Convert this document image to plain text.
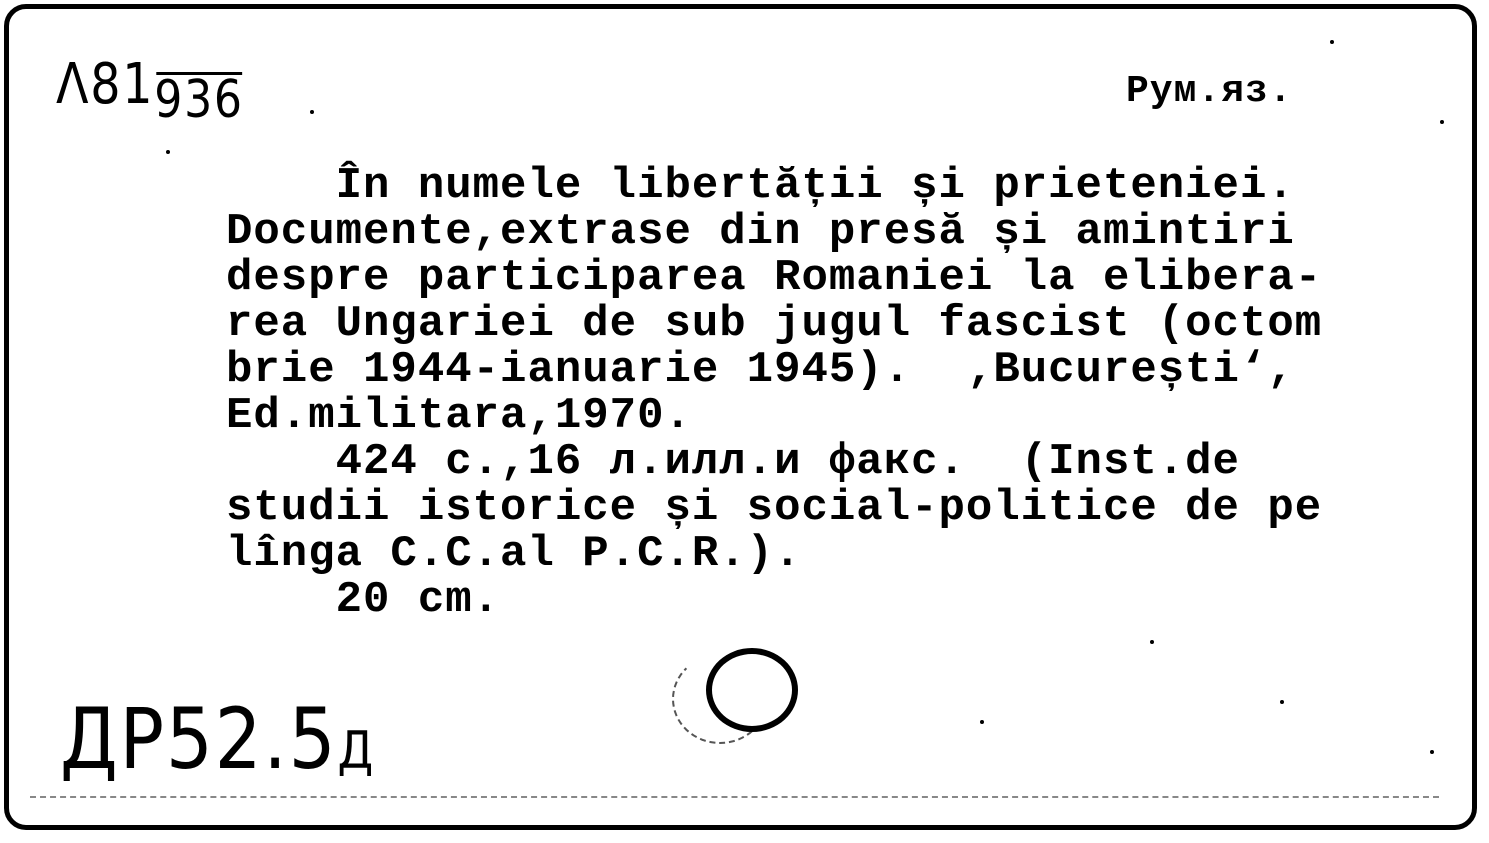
Λ81936	Рум.яз.
În numele libertății și prieteniei.
Documente,extrase din presă și amintiri
despre participarea Romaniei la elibera-
rea Ungariei de sub jugul fascist (octom
brie 1944-ianuarie 1945).  ‚București‘,
Ed.militara,1970.
424 c.,16 л.илл.и факс.  (Inst.de
studii istorice și social-politice de pe
lînga C.C.al P.C.R.).
20 cm.
ДР52.5Д
